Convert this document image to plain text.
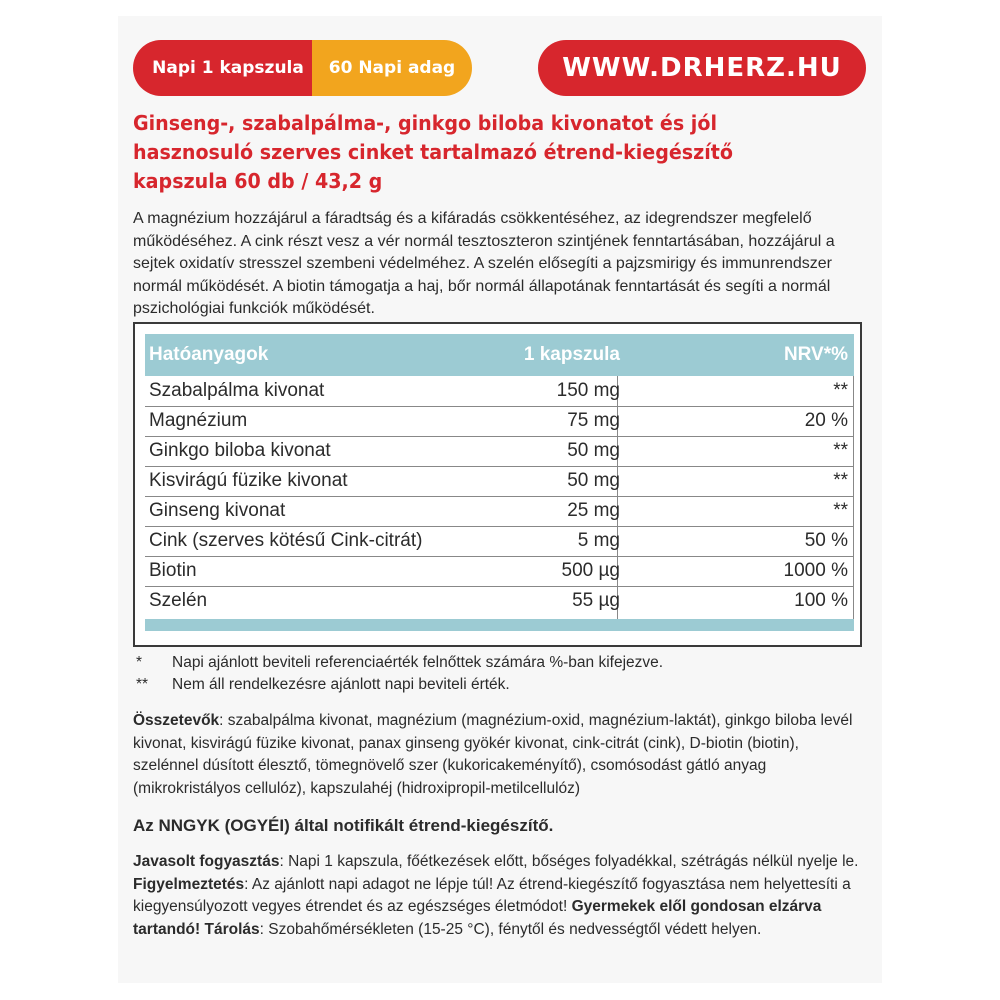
Napi 1 kapszula	60 Napi adag	WWW.DRHERZ.HU
Ginseng-, szabalpálma-, ginkgo biloba kivonatot és jól
hasznosuló szerves cinket tartalmazó étrend-kiegészítő
kapszula 60 db / 43,2 g
A magnézium hozzájárul a fáradtság és a kifáradás csökkentéséhez, az idegrendszer megfelelő működéséhez. A cink részt vesz a vér normál tesztoszteron szintjének fenntartásában, hozzájárul a sejtek oxidatív stresszel szembeni védelméhez. A szelén elősegíti a pajzsmirigy és immunrendszer normál működését. A biotin támogatja a haj, bőr normál állapotának fenntartását és segíti a normál pszichológiai funkciók működését.
Hatóanyagok	1 kapszula	NRV*%
Szabalpálma kivonat	150 mg	**
Magnézium	75 mg	20 %
Ginkgo biloba kivonat	50 mg	**
Kisvirágú füzike kivonat	50 mg	**
Ginseng kivonat	25 mg	**
Cink (szerves kötésű Cink-citrát)	5 mg	50 %
Biotin	500 µg	1000 %
Szelén	55 µg	100 %
*	Napi ajánlott beviteli referenciaérték felnőttek számára %-ban kifejezve.
**	Nem áll rendelkezésre ajánlott napi beviteli érték.
Összetevők: szabalpálma kivonat, magnézium (magnézium-oxid, magnézium-laktát), ginkgo biloba levél kivonat, kisvirágú füzike kivonat, panax ginseng gyökér kivonat, cink-citrát (cink), D-biotin (biotin), szelénnel dúsított élesztő, tömegnövelő szer (kukoricakeményítő), csomósodást gátló anyag (mikrokristályos cellulóz), kapszulahéj (hidroxipropil-metilcellulóz)
Az NNGYK (OGYÉI) által notifikált étrend-kiegészítő.
Javasolt fogyasztás: Napi 1 kapszula, főétkezések előtt, bőséges folyadékkal, szétrágás nélkül nyelje le. Figyelmeztetés: Az ajánlott napi adagot ne lépje túl! Az étrend-kiegészítő fogyasztása nem helyettesíti a kiegyensúlyozott vegyes étrendet és az egészséges életmódot! Gyermekek elől gondosan elzárva tartandó! Tárolás: Szobahőmérsékleten (15-25 °C), fénytől és nedvességtől védett helyen.
